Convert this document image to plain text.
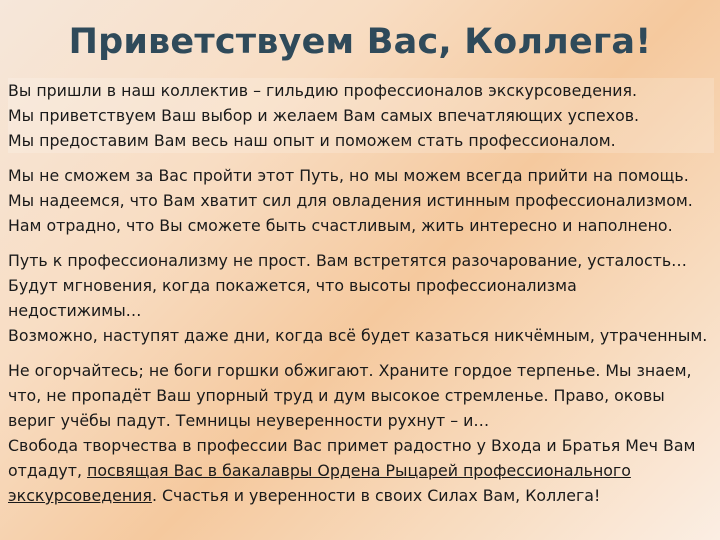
Приветствуем Вас, Коллега!
Вы пришли в наш коллектив – гильдию профессионалов экскурсоведения.
Мы приветствуем Ваш выбор и желаем Вам самых впечатляющих успехов.
Мы предоставим Вам весь наш опыт и поможем стать профессионалом.
Мы не сможем за Вас пройти этот Путь, но мы можем всегда прийти на помощь.
Мы надеемся, что Вам хватит сил для овладения истинным профессионализмом.
Нам отрадно, что Вы сможете быть счастливым, жить интересно и наполнено.
Путь к профессионализму не прост. Вам встретятся разочарование, усталость…
Будут мгновения, когда покажется, что высоты профессионализма
недостижимы…
Возможно, наступят даже дни, когда всё будет казаться никчёмным, утраченным.
Не огорчайтесь; не боги горшки обжигают. Храните гордое терпенье. Мы знаем,
что, не пропадёт Ваш упорный труд и дум высокое стремленье. Право, оковы
вериг учёбы падут. Темницы неуверенности рухнут – и…
Свобода творчества в профессии Вас примет радостно у Входа и Братья Меч Вам
отдадут, посвящая Вас в бакалавры Ордена Рыцарей профессионального
экскурсоведения. Счастья и уверенности в своих Силах Вам, Коллега!
